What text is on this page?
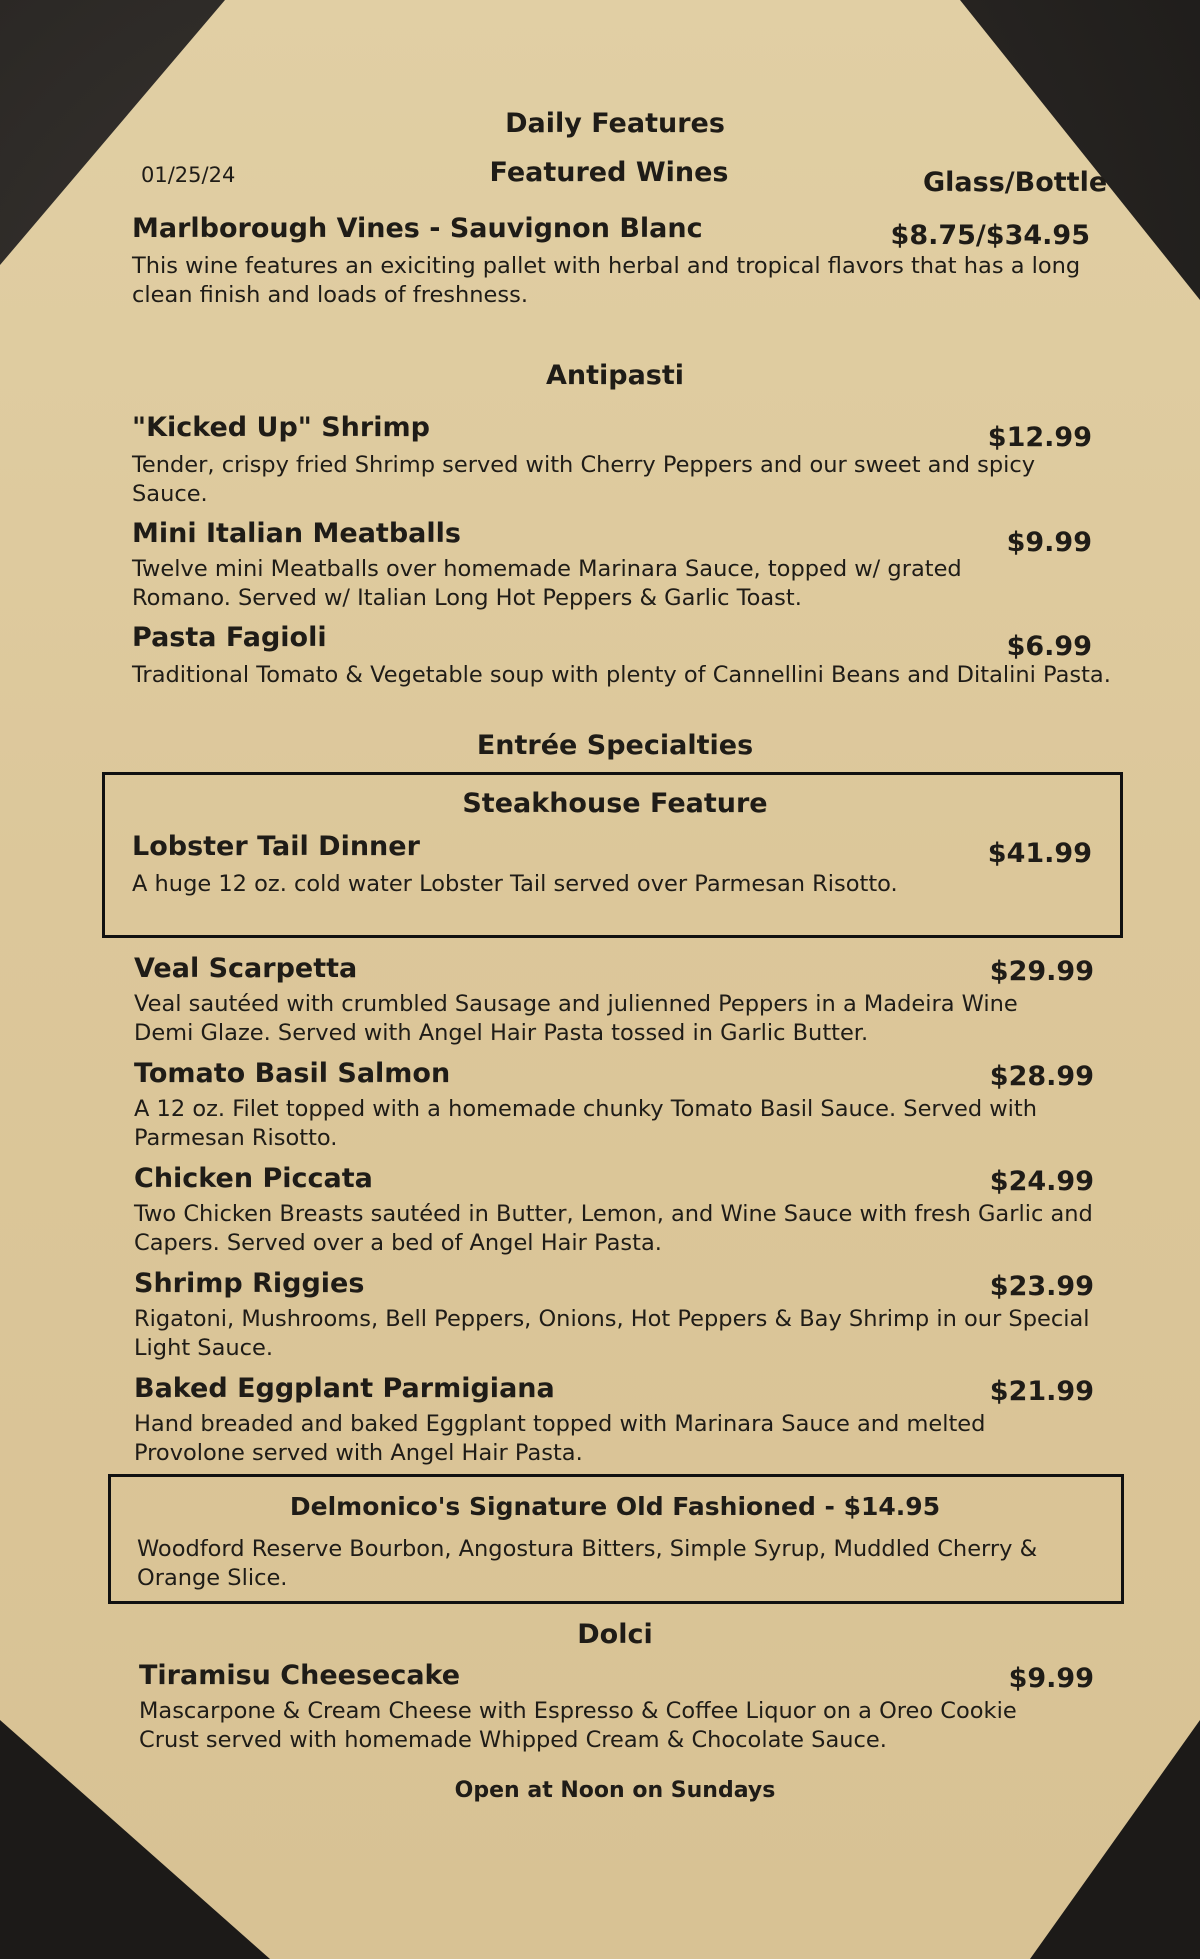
Daily Features
01/25/24	Featured Wines	Glass/Bottle
Marlborough Vines - Sauvignon Blanc	$8.75/$34.95
This wine features an exiciting pallet with herbal and tropical flavors that has a long clean finish and loads of freshness.
Antipasti
"Kicked Up" Shrimp	$12.99
Tender, crispy fried Shrimp served with Cherry Peppers and our sweet and spicy Sauce.
Mini Italian Meatballs	$9.99
Twelve mini Meatballs over homemade Marinara Sauce, topped w/ grated Romano. Served w/ Italian Long Hot Peppers & Garlic Toast.
Pasta Fagioli	$6.99
Traditional Tomato & Vegetable soup with plenty of Cannellini Beans and Ditalini Pasta.
Entrée Specialties
Steakhouse Feature
Lobster Tail Dinner	$41.99
A huge 12 oz. cold water Lobster Tail served over Parmesan Risotto.
Veal Scarpetta	$29.99
Veal sautéed with crumbled Sausage and julienned Peppers in a Madeira Wine Demi Glaze. Served with Angel Hair Pasta tossed in Garlic Butter.
Tomato Basil Salmon	$28.99
A 12 oz. Filet topped with a homemade chunky Tomato Basil Sauce. Served with Parmesan Risotto.
Chicken Piccata	$24.99
Two Chicken Breasts sautéed in Butter, Lemon, and Wine Sauce with fresh Garlic and Capers. Served over a bed of Angel Hair Pasta.
Shrimp Riggies	$23.99
Rigatoni, Mushrooms, Bell Peppers, Onions, Hot Peppers & Bay Shrimp in our Special Light Sauce.
Baked Eggplant Parmigiana	$21.99
Hand breaded and baked Eggplant topped with Marinara Sauce and melted Provolone served with Angel Hair Pasta.
Delmonico's Signature Old Fashioned - $14.95
Woodford Reserve Bourbon, Angostura Bitters, Simple Syrup, Muddled Cherry & Orange Slice.
Dolci
Tiramisu Cheesecake	$9.99
Mascarpone & Cream Cheese with Espresso & Coffee Liquor on a Oreo Cookie Crust served with homemade Whipped Cream & Chocolate Sauce.
Open at Noon on Sundays
